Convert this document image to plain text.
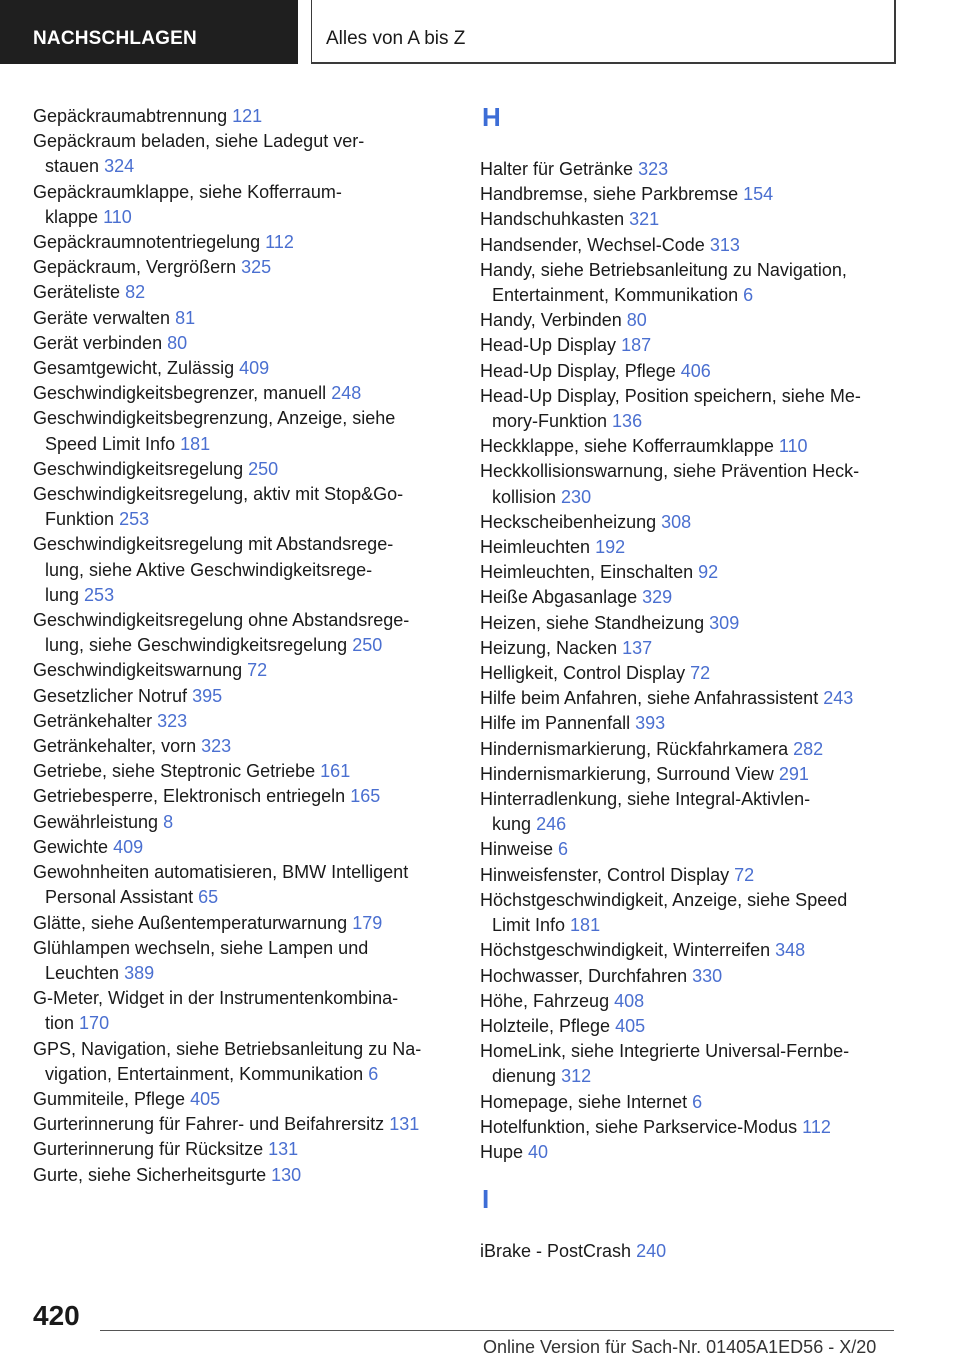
NACHSCHLAGEN	Alles von A bis Z
Gepäckraumabtrennung 121
Gepäckraum beladen, siehe Ladegut ver-
stauen 324
Gepäckraumklappe, siehe Kofferraum-
klappe 110
Gepäckraumnotentriegelung 112
Gepäckraum, Vergrößern 325
Geräteliste 82
Geräte verwalten 81
Gerät verbinden 80
Gesamtgewicht, Zulässig 409
Geschwindigkeitsbegrenzer, manuell 248
Geschwindigkeitsbegrenzung, Anzeige, siehe
Speed Limit Info 181
Geschwindigkeitsregelung 250
Geschwindigkeitsregelung, aktiv mit Stop&Go-
Funktion 253
Geschwindigkeitsregelung mit Abstandsrege-
lung, siehe Aktive Geschwindigkeitsrege-
lung 253
Geschwindigkeitsregelung ohne Abstandsrege-
lung, siehe Geschwindigkeitsregelung 250
Geschwindigkeitswarnung 72
Gesetzlicher Notruf 395
Getränkehalter 323
Getränkehalter, vorn 323
Getriebe, siehe Steptronic Getriebe 161
Getriebesperre, Elektronisch entriegeln 165
Gewährleistung 8
Gewichte 409
Gewohnheiten automatisieren, BMW Intelligent
Personal Assistant 65
Glätte, siehe Außentemperaturwarnung 179
Glühlampen wechseln, siehe Lampen und
Leuchten 389
G-Meter, Widget in der Instrumentenkombina-
tion 170
GPS, Navigation, siehe Betriebsanleitung zu Na-
vigation, Entertainment, Kommunikation 6
Gummiteile, Pflege 405
Gurterinnerung für Fahrer- und Beifahrersitz 131
Gurterinnerung für Rücksitze 131
Gurte, siehe Sicherheitsgurte 130
H
Halter für Getränke 323
Handbremse, siehe Parkbremse 154
Handschuhkasten 321
Handsender, Wechsel-Code 313
Handy, siehe Betriebsanleitung zu Navigation,
Entertainment, Kommunikation 6
Handy, Verbinden 80
Head-Up Display 187
Head-Up Display, Pflege 406
Head-Up Display, Position speichern, siehe Me-
mory-Funktion 136
Heckklappe, siehe Kofferraumklappe 110
Heckkollisionswarnung, siehe Prävention Heck-
kollision 230
Heckscheibenheizung 308
Heimleuchten 192
Heimleuchten, Einschalten 92
Heiße Abgasanlage 329
Heizen, siehe Standheizung 309
Heizung, Nacken 137
Helligkeit, Control Display 72
Hilfe beim Anfahren, siehe Anfahrassistent 243
Hilfe im Pannenfall 393
Hindernismarkierung, Rückfahrkamera 282
Hindernismarkierung, Surround View 291
Hinterradlenkung, siehe Integral-Aktivlen-
kung 246
Hinweise 6
Hinweisfenster, Control Display 72
Höchstgeschwindigkeit, Anzeige, siehe Speed
Limit Info 181
Höchstgeschwindigkeit, Winterreifen 348
Hochwasser, Durchfahren 330
Höhe, Fahrzeug 408
Holzteile, Pflege 405
HomeLink, siehe Integrierte Universal-Fernbe-
dienung 312
Homepage, siehe Internet 6
Hotelfunktion, siehe Parkservice-Modus 112
Hupe 40
I
iBrake - PostCrash 240
420
Online Version für Sach-Nr. 01405A1ED56 - X/20
